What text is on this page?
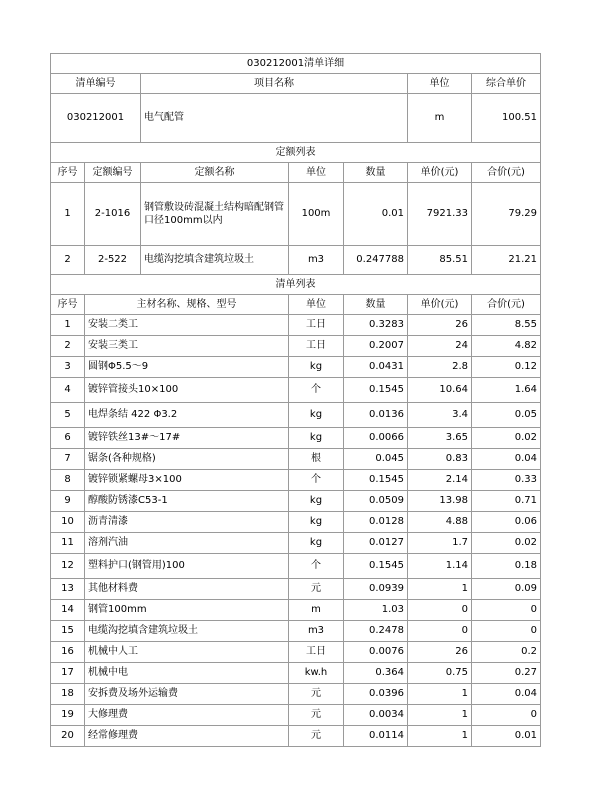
030212001清单详细						
清单编号		项目名称			单位	综合单价
030212001		电气配管			m	100.51
定额列表						
序号	定额编号	定额名称	单位	数量	单价(元)	合价(元)
1	2-1016	钢管敷设砖混凝土结构暗配钢管口径100mm以内	100m	0.01	7921.33	79.29
2	2-522	电缆沟挖填含建筑垃圾土	m3	0.247788	85.51	21.21
清单列表						
序号	主材名称、规格、型号		单位	数量	单价(元)	合价(元)
1	安装二类工		工日	0.3283	26	8.55
2	安装三类工		工日	0.2007	24	4.82
3	圆钢Φ5.5～9		kg	0.0431	2.8	0.12
4	镀锌管接头10×100		个	0.1545	10.64	1.64
5	电焊条结 422 Φ3.2		kg	0.0136	3.4	0.05
6	镀锌铁丝13#～17#		kg	0.0066	3.65	0.02
7	锯条(各种规格)		根	0.045	0.83	0.04
8	镀锌锁紧螺母3×100		个	0.1545	2.14	0.33
9	醇酸防锈漆C53-1		kg	0.0509	13.98	0.71
10	沥青清漆		kg	0.0128	4.88	0.06
11	溶剂汽油		kg	0.0127	1.7	0.02
12	塑料护口(钢管用)100		个	0.1545	1.14	0.18
13	其他材料费		元	0.0939	1	0.09
14	钢管100mm		m	1.03	0	0
15	电缆沟挖填含建筑垃圾土		m3	0.2478	0	0
16	机械中人工		工日	0.0076	26	0.2
17	机械中电		kw.h	0.364	0.75	0.27
18	安拆费及场外运输费		元	0.0396	1	0.04
19	大修理费		元	0.0034	1	0
20	经常修理费		元	0.0114	1	0.01
